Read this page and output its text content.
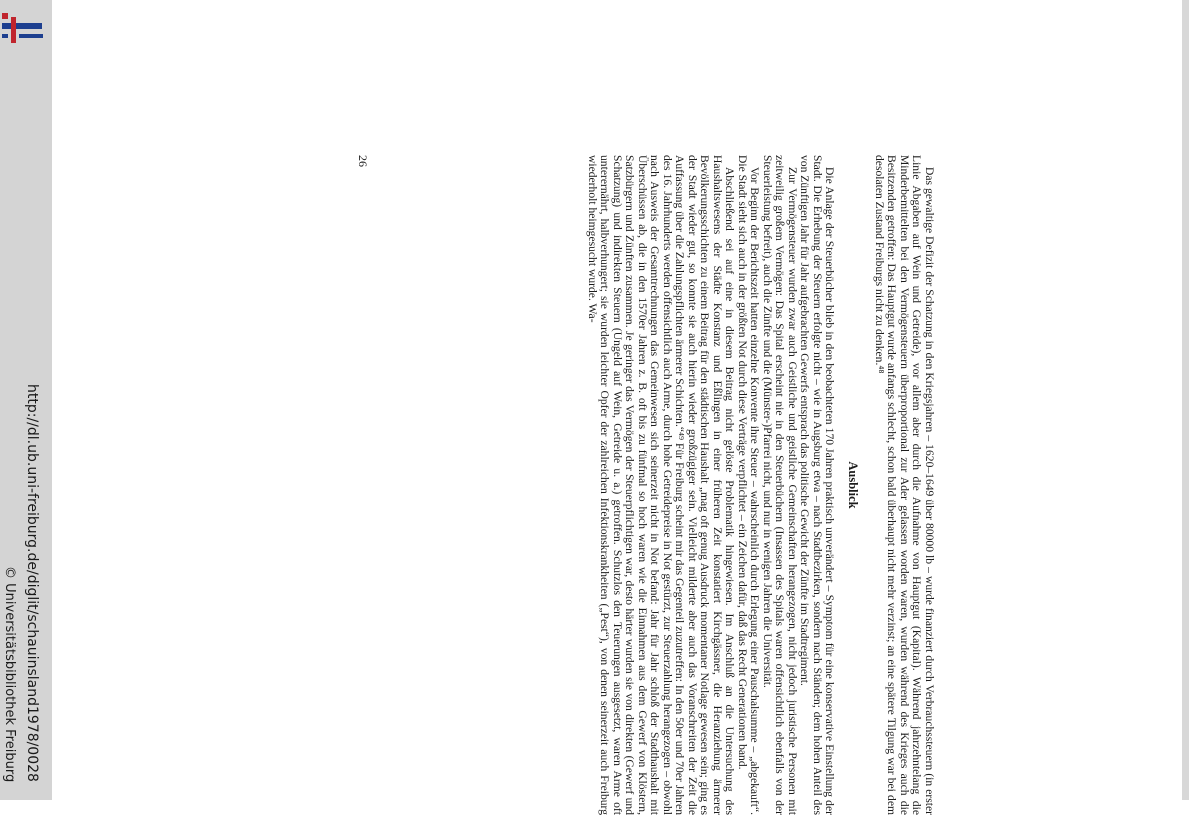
http://dl.ub.uni-freiburg.de/diglit/schauinsland1978/0028
© Universitätsbibliothek Freiburg	Das gewaltige Defizit der Schatzung in den Kriegsjahren – 1620–1649 über 80000 lb – wurde finanziert durch Verbrauchssteuern (in erster Linie Abgaben auf Wein und Getreide), vor allem aber durch die Aufnahme von Hauptgut (Kapital). Während jahrzehntelang die Minderbemittelten bei den Vermögensteuern überproportional zur Ader gelassen worden waren, wurden während des Krieges auch die Besitzenden getroffen: Das Hauptgut wurde anfangs schlecht, schon bald überhaupt nicht mehr verzinst; an eine spätere Tilgung war bei dem desolaten Zustand Freiburgs nicht zu denken.⁴⁸

Ausblick

Die Anlage der Steuerbücher blieb in den beobachteten 170 Jahren praktisch unverändert – Symptom für eine konservative Einstellung der Stadt. Die Erhebung der Steuern erfolgte nicht – wie in Augsburg etwa – nach Stadtbezirken, sondern nach Ständen; dem hohen Anteil des von Zünftigen Jahr für Jahr aufgebrachten Gewerfs entsprach das politische Gewicht der Zünfte im Stadtregiment.

Zur Vermögensteuer wurden zwar auch Geistliche und geistliche Gemeinschaften herangezogen, nicht jedoch juristische Personen mit zeitweilig großem Vermögen: Das Spital erscheint nie in den Steuerbüchern (Insassen des Spitals waren offensichtlich ebenfalls von der Steuerleistung befreit), auch die Zünfte und die (Münster-)Pfarrei nicht, und nur in wenigen Jahren die Universität.

Vor Beginn der Berichtszeit hatten einzelne Konvente ihre Steuer – wahrscheinlich durch Erlegung einer Pauschalsumme – „abgekauft“. Die Stadt sieht sich auch in der größten Not durch diese Verträge verpflichtet – ein Zeichen dafür, daß das Recht Generationen band.

Abschließend sei auf eine in diesem Beitrag nicht gelöste Problematik hingewiesen. Im Anschluß an die Untersuchung des Haushaltswesens der Städte Konstanz und Eßlingen in einer früheren Zeit konstatiert Kirchgässner, die Heranziehung ärmerer Bevölkerungsschichten zu einem Beitrag für den städtischen Haushalt „mag oft genug Ausdruck momentaner Notlage gewesen sein; ging es der Stadt wieder gut, so konnte sie auch hierin wieder großzügiger sein. Vielleicht milderte aber auch das Voranschreiten der Zeit die Auffassung über die Zahlungspflichten ärmerer Schichten.“⁴⁹ Für Freiburg scheint mir das Gegenteil zuzutreffen: In den 50er und 70er Jahren des 16. Jahrhunderts werden offensichtlich auch Arme, durch hohe Getreidepreise in Not gestürzt, zur Steuerzahlung herangezogen – obwohl nach Ausweis der Gesamtrechnungen das Gemeinwesen sich seinerzeit nicht in Not befand: Jahr für Jahr schloß der Stadthaushalt mit Überschüssen ab, die in den 1570er Jahren z. B. oft bis zu fünfmal so hoch waren wie die Einnahmen aus dem Gewerf von Klöstern, Satzbürgern und Zünften zusammen. Je geringer das Vermögen der Steuerpflichtigen war, desto härter wurden sie von direkten (Gewerf und Schatzung) und indirekten Steuern (Ungeld auf Wein, Getreide u. a.) getroffen. Schutzlos den Teuerungen ausgesetzt, waren Arme oft unterernährt, halbverhungert; sie wurden leichter Opfer der zahlreichen Infektionskrankheiten („Pest“), von denen seinerzeit auch Freiburg wiederholt heimgesucht wurde. Wa-

26
